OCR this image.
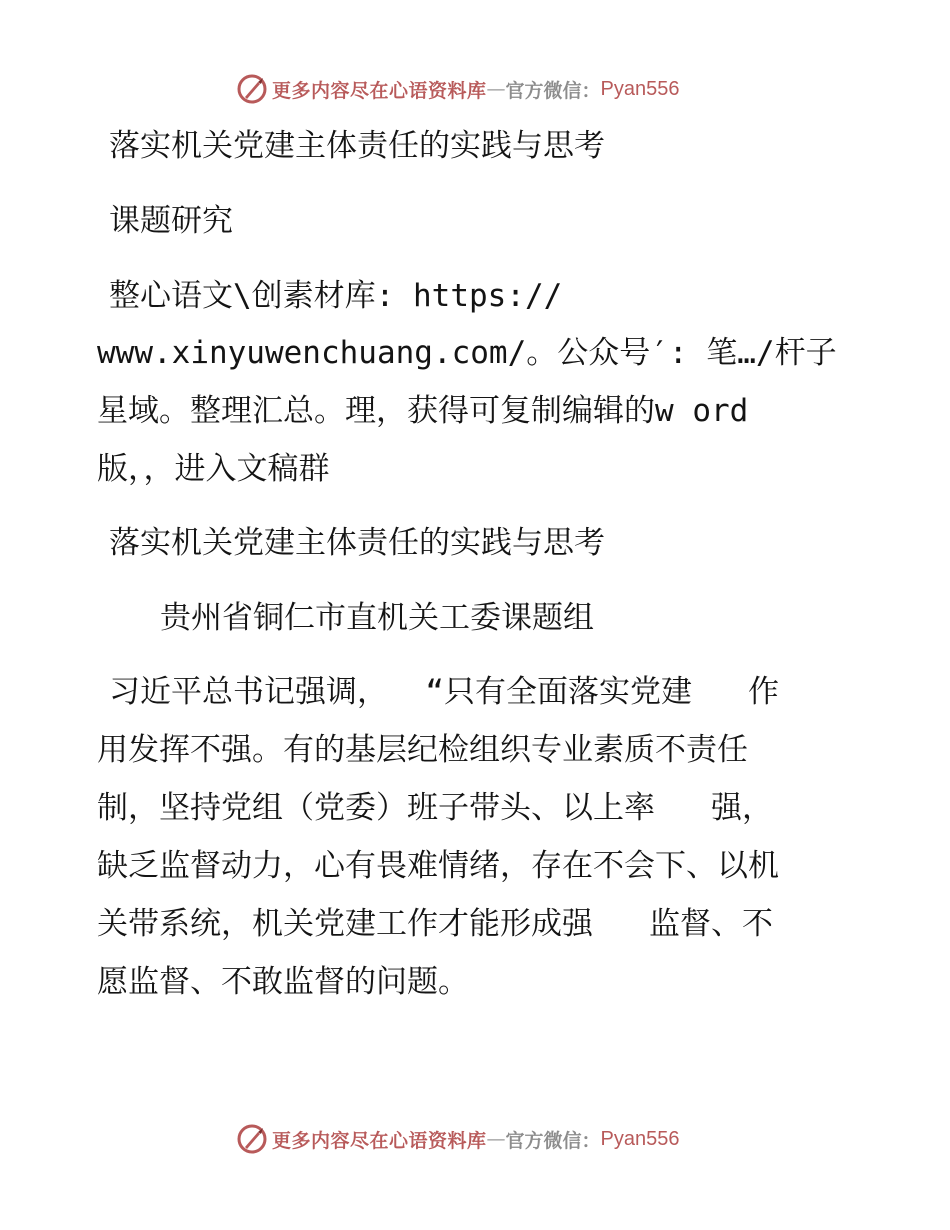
更多内容尽在心语资料库 — 官方微信： Pyan556

落实机关党建主体责任的实践与思考

课题研究

整心语文\创素材库: https://

www.xinyuwenchuang.com/。公众号′: 笔…/杆子

星域。整理汇总。理，获得可复制编辑的w ord

版，，进入文稿群

落实机关党建主体责任的实践与思考

贵州省铜仁市直机关工委课题组

习近平总书记强调，  “只有全面落实党建   作

用发挥不强。有的基层纪检组织专业素质不责任

制，坚持党组（党委）班子带头、以上率   强，

缺乏监督动力，心有畏难情绪，存在不会下、以机

关带系统，机关党建工作才能形成强   监督、不

愿监督、不敢监督的问题。

更多内容尽在心语资料库 — 官方微信： Pyan556
